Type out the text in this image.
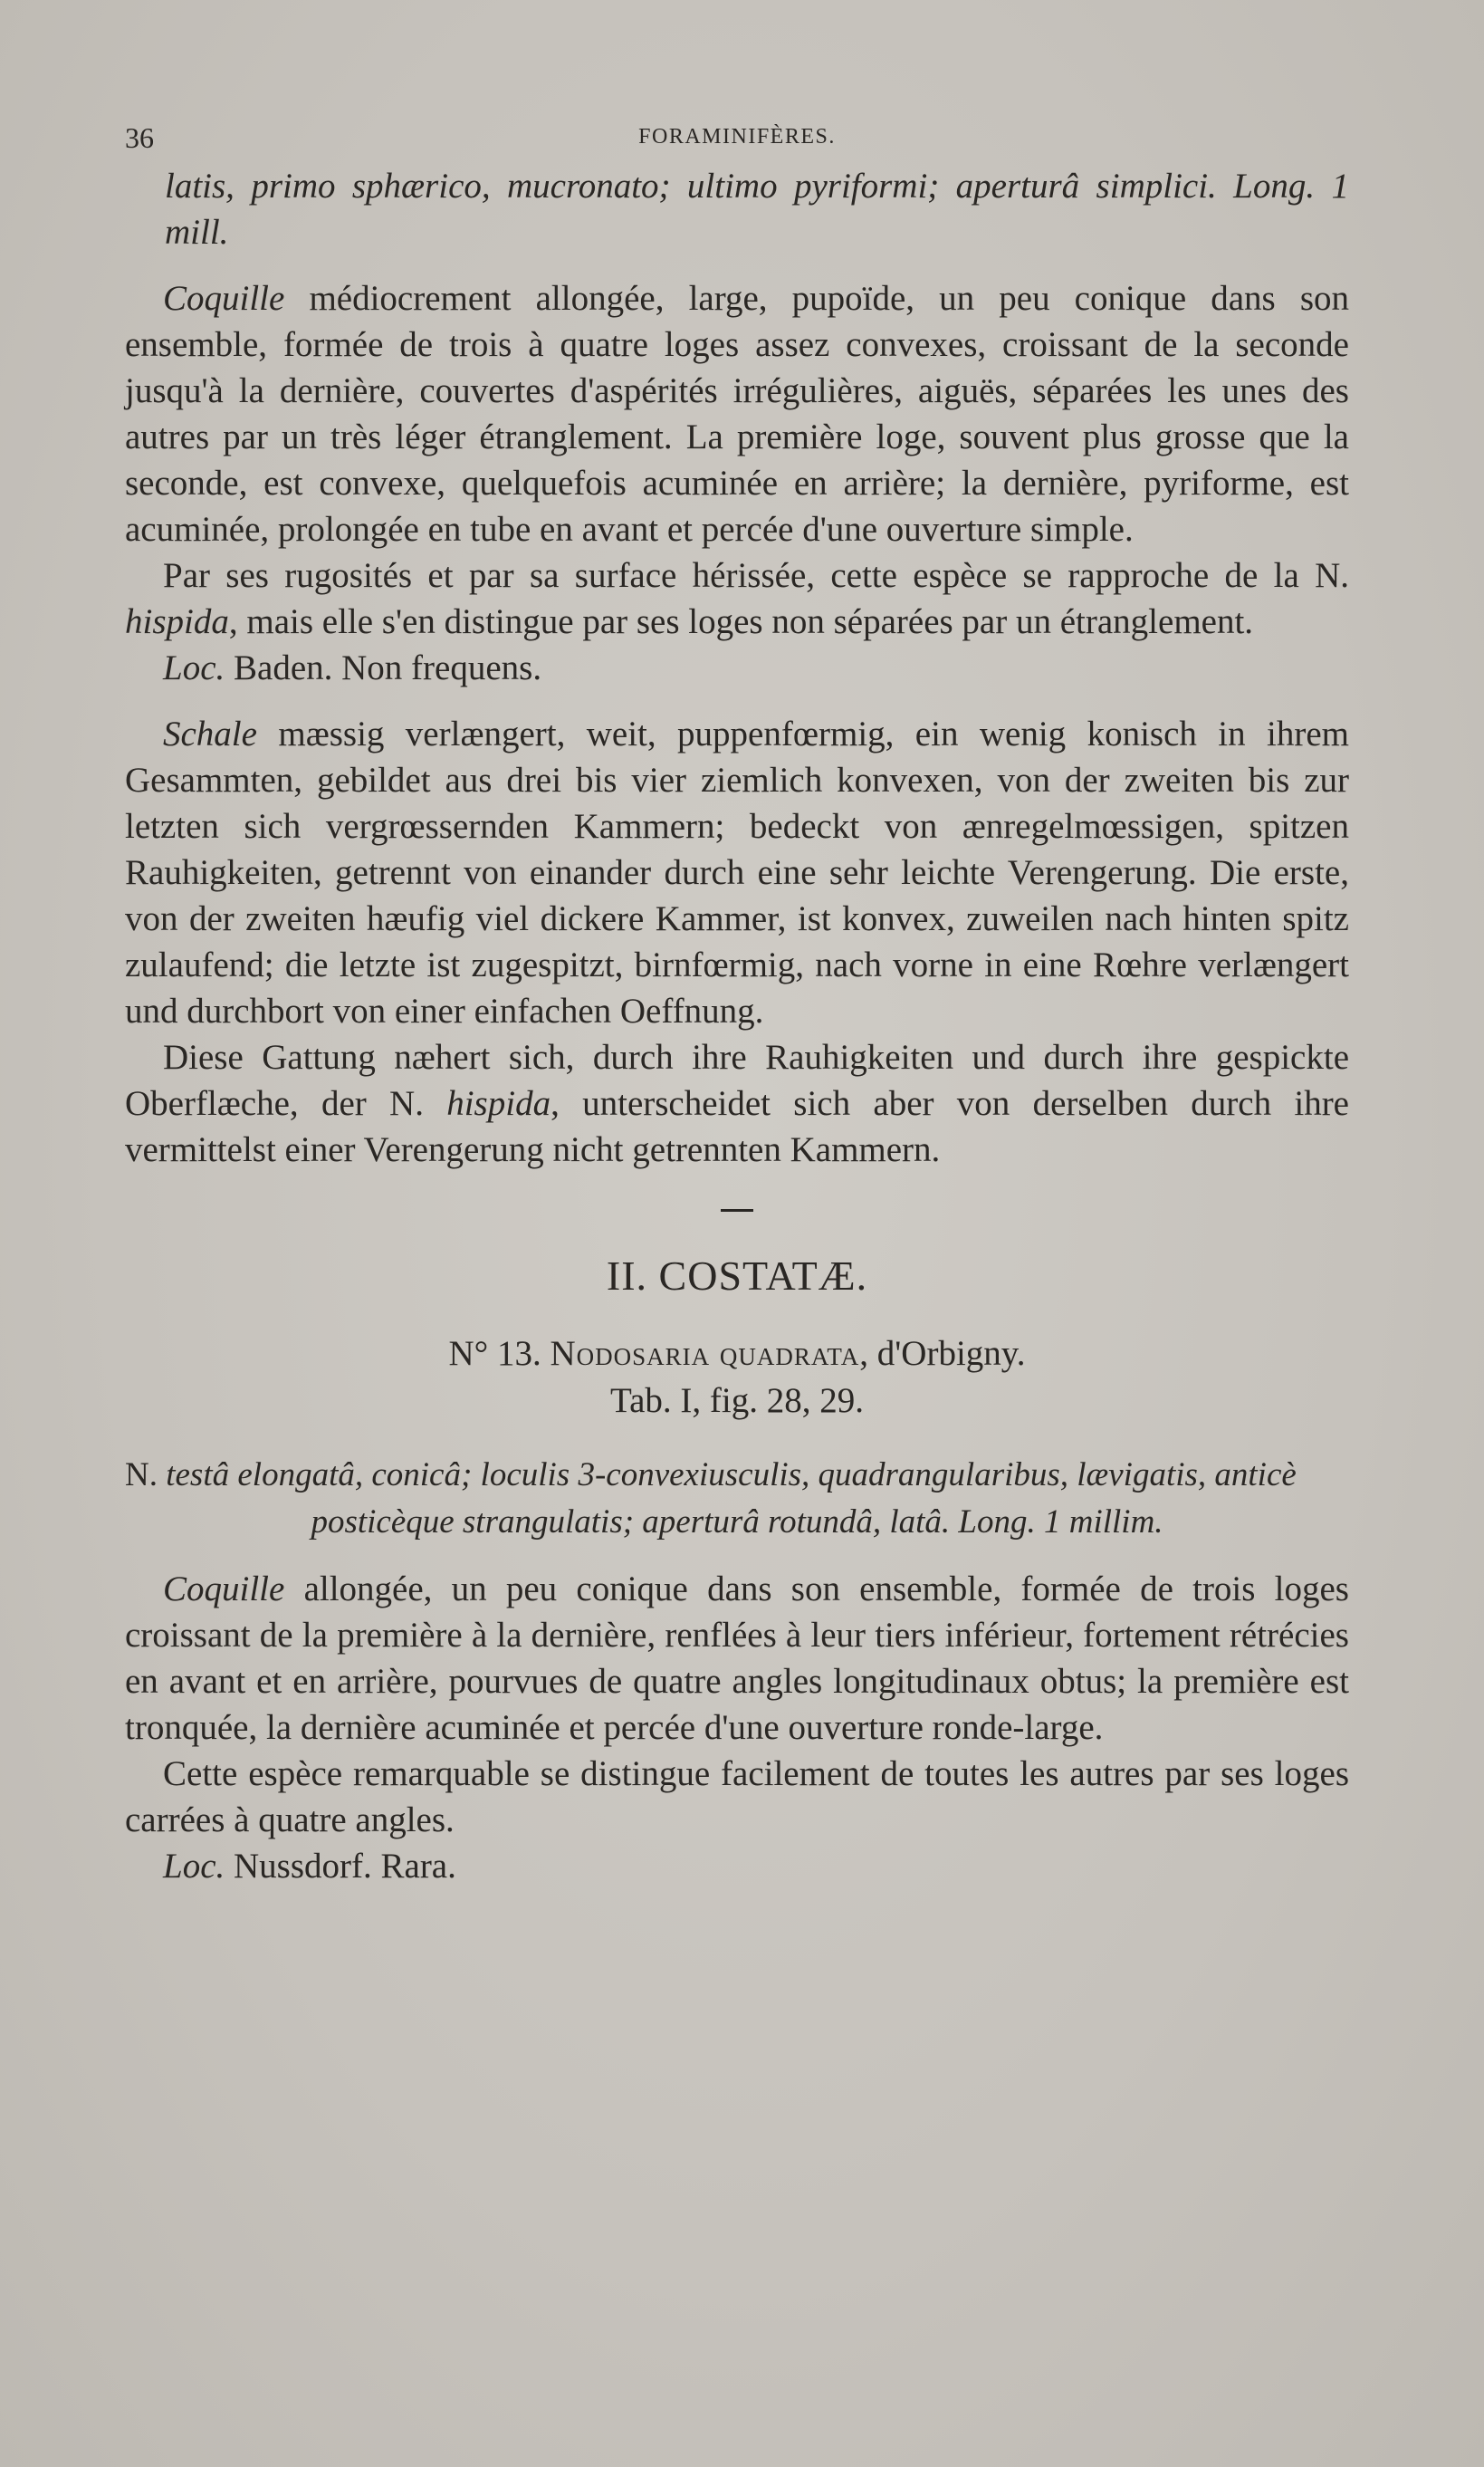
36	FORAMINIFÈRES.

latis, primo sphærico, mucronato; ultimo pyriformi; aperturâ simplici. Long. 1 mill.

Coquille médiocrement allongée, large, pupoïde, un peu conique dans son ensemble, formée de trois à quatre loges assez convexes, croissant de la seconde jusqu'à la dernière, couvertes d'aspérités irrégulières, aiguës, séparées les unes des autres par un très léger étranglement. La première loge, souvent plus grosse que la seconde, est convexe, quelquefois acuminée en arrière; la dernière, pyriforme, est acuminée, prolongée en tube en avant et percée d'une ouverture simple.

Par ses rugosités et par sa surface hérissée, cette espèce se rapproche de la N. hispida, mais elle s'en distingue par ses loges non séparées par un étranglement.

Loc. Baden. Non frequens.

Schale mæssig verlængert, weit, puppenfœrmig, ein wenig konisch in ihrem Gesammten, gebildet aus drei bis vier ziemlich konvexen, von der zweiten bis zur letzten sich vergrœssernden Kammern; bedeckt von ænregelmœssigen, spitzen Rauhigkeiten, getrennt von einander durch eine sehr leichte Verengerung. Die erste, von der zweiten hæufig viel dickere Kammer, ist konvex, zuweilen nach hinten spitz zulaufend; die letzte ist zugespitzt, birnfœrmig, nach vorne in eine Rœhre verlængert und durchbort von einer einfachen Oeffnung.

Diese Gattung næhert sich, durch ihre Rauhigkeiten und durch ihre gespickte Oberflæche, der N. hispida, unterscheidet sich aber von derselben durch ihre vermittelst einer Verengerung nicht getrennten Kammern.

II. COSTATÆ.
N° 13. Nodosaria quadrata, d'Orbigny.
Tab. I, fig. 28, 29.
N. testâ elongatâ, conicâ; loculis 3-convexiusculis, quadrangularibus, lævigatis, anticè
posticèque strangulatis; aperturâ rotundâ, latâ. Long. 1 millim.

Coquille allongée, un peu conique dans son ensemble, formée de trois loges croissant de la première à la dernière, renflées à leur tiers inférieur, fortement rétrécies en avant et en arrière, pourvues de quatre angles longitudinaux obtus; la première est tronquée, la dernière acuminée et percée d'une ouverture ronde-large.

Cette espèce remarquable se distingue facilement de toutes les autres par ses loges carrées à quatre angles.

Loc. Nussdorf. Rara.
